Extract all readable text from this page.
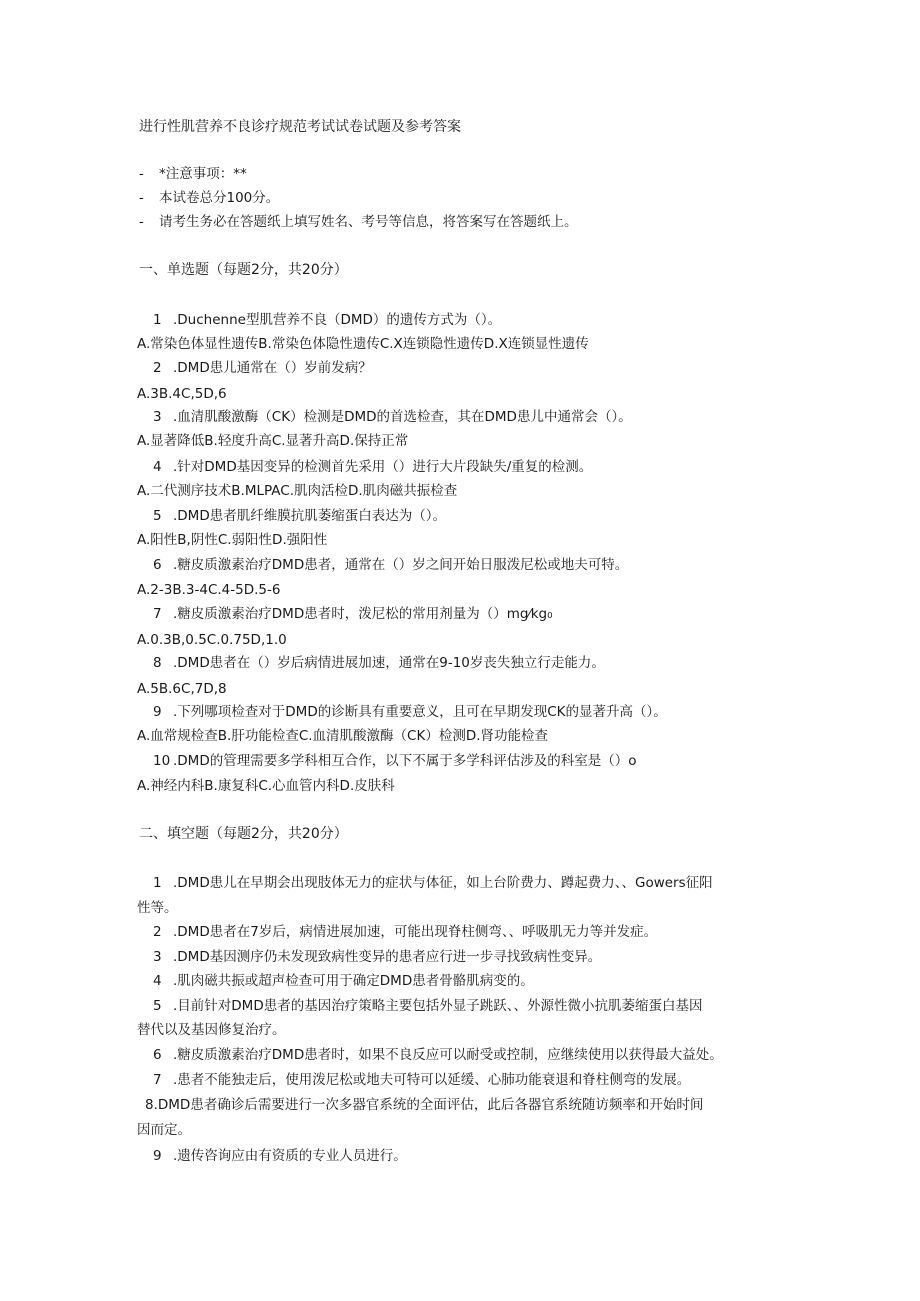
进行性肌营养不良诊疗规范考试试卷试题及参考答案
- *注意事项：**
- 本试卷总分100分。
- 请考生务必在答题纸上填写姓名、考号等信息，将答案写在答题纸上。
一、单选题（每题2分，共20分）
1 .Duchenne型肌营养不良（DMD）的遗传方式为（）。
A.常染色体显性遗传B.常染色体隐性遗传C.X连锁隐性遗传D.X连锁显性遗传
2 .DMD患儿通常在（）岁前发病？
A.3B.4C,5D,6
3 .血清肌酸激酶（CK）检测是DMD的首选检查，其在DMD患儿中通常会（）。
A.显著降低B.轻度升高C.显著升高D.保持正常
4 .针对DMD基因变异的检测首先采用（）进行大片段缺失/重复的检测。
A.二代测序技术B.MLPAC.肌肉活检D.肌肉磁共振检查
5 .DMD患者肌纤维膜抗肌萎缩蛋白表达为（）。
A.阳性B,阴性C.弱阳性D.强阳性
6 .糖皮质激素治疗DMD患者，通常在（）岁之间开始日服泼尼松或地夫可特。
A.2-3B.3-4C.4-5D.5-6
7 .糖皮质激素治疗DMD患者时，泼尼松的常用剂量为（）mg⁄kg₀
A.0.3B,0.5C.0.75D,1.0
8 .DMD患者在（）岁后病情进展加速，通常在9-10岁丧失独立行走能力。
A.5B.6C,7D,8
9 .下列哪项检查对于DMD的诊断具有重要意义，且可在早期发现CK的显著升高（）。
A.血常规检查B.肝功能检查C.血清肌酸激酶（CK）检测D.肾功能检查
10 .DMD的管理需要多学科相互合作，以下不属于多学科评估涉及的科室是（）o
A.神经内科B.康复科C.心血管内科D.皮肤科
二、填空题（每题2分，共20分）
1 .DMD患儿在早期会出现肢体无力的症状与体征，如上台阶费力、蹲起费力、、Gowers征阳
性等。
2 .DMD患者在7岁后，病情进展加速，可能出现脊柱侧弯、、呼吸肌无力等并发症。
3 .DMD基因测序仍未发现致病性变异的患者应行进一步寻找致病性变异。
4 .肌肉磁共振或超声检查可用于确定DMD患者骨骼肌病变的。
5 .目前针对DMD患者的基因治疗策略主要包括外显子跳跃、、外源性微小抗肌萎缩蛋白基因
替代以及基因修复治疗。
6 .糖皮质激素治疗DMD患者时，如果不良反应可以耐受或控制，应继续使用以获得最大益处。
7 .患者不能独走后，使用泼尼松或地夫可特可以延缓、心肺功能衰退和脊柱侧弯的发展。
8.DMD患者确诊后需要进行一次多器官系统的全面评估，此后各器官系统随访频率和开始时间
因而定。
9 .遗传咨询应由有资质的专业人员进行。
